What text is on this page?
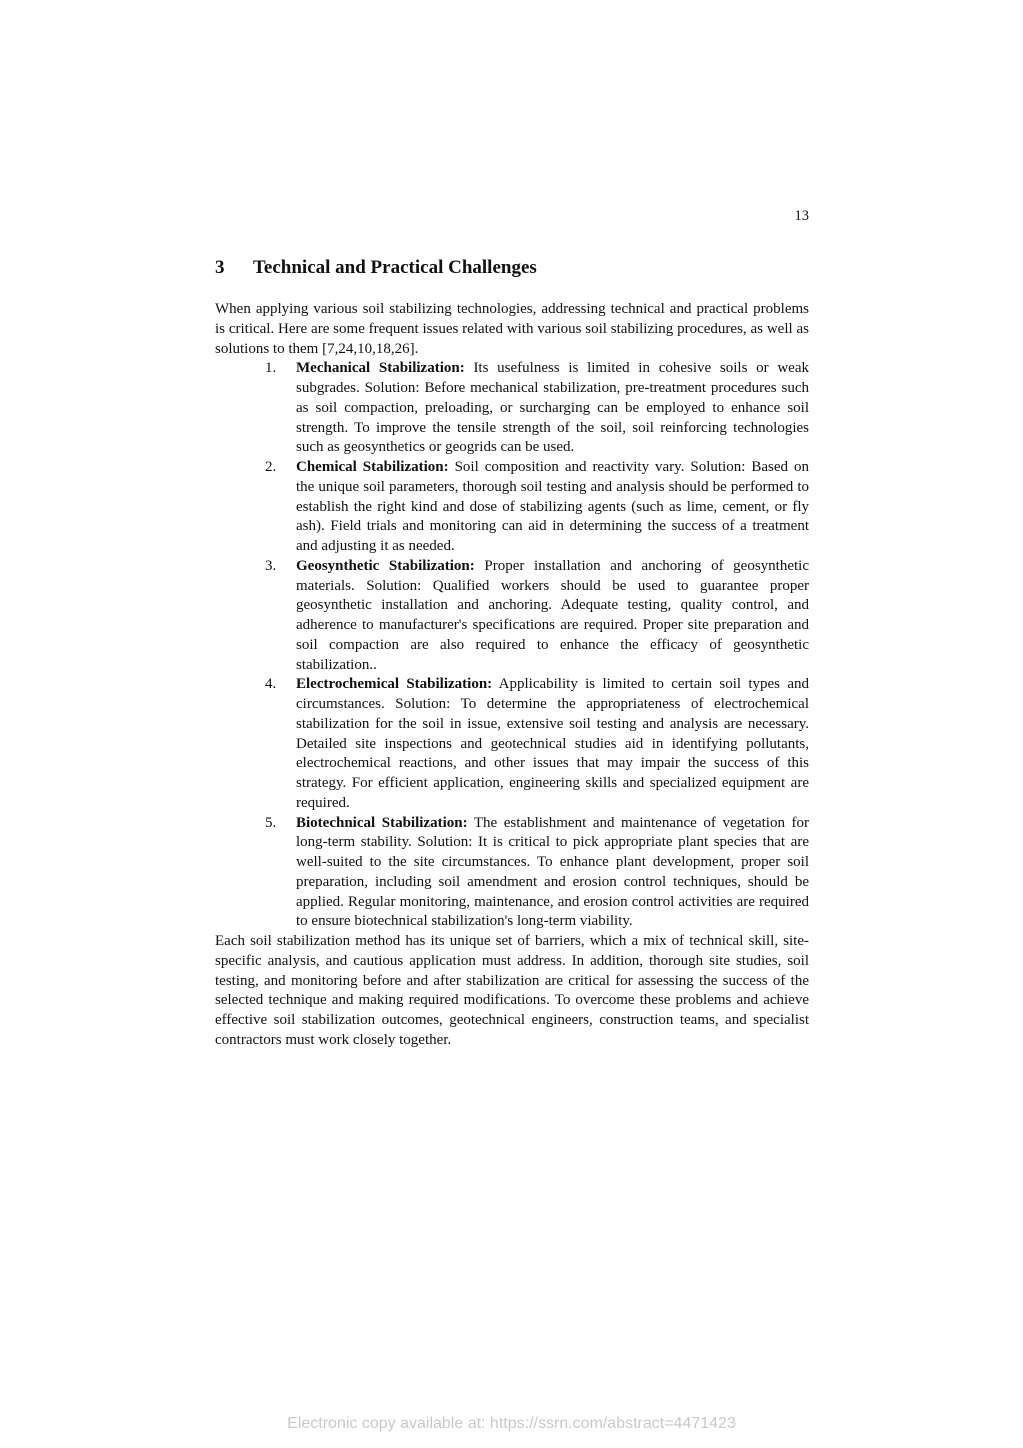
13
3 Technical and Practical Challenges

When applying various soil stabilizing technologies, addressing technical and practical problems is critical. Here are some frequent issues related with various soil stabilizing procedures, as well as solutions to them [7,24,10,18,26].

1.	Mechanical Stabilization: Its usefulness is limited in cohesive soils or weak subgrades. Solution: Before mechanical stabilization, pre-treatment procedures such as soil compaction, preloading, or surcharging can be employed to enhance soil strength. To improve the tensile strength of the soil, soil reinforcing technologies such as geosynthetics or geogrids can be used.
2.	Chemical Stabilization: Soil composition and reactivity vary. Solution: Based on the unique soil parameters, thorough soil testing and analysis should be performed to establish the right kind and dose of stabilizing agents (such as lime, cement, or fly ash). Field trials and monitoring can aid in determining the success of a treatment and adjusting it as needed.
3.	Geosynthetic Stabilization: Proper installation and anchoring of geosynthetic materials. Solution: Qualified workers should be used to guarantee proper geosynthetic installation and anchoring. Adequate testing, quality control, and adherence to manufacturer's specifications are required. Proper site preparation and soil compaction are also required to enhance the efficacy of geosynthetic stabilization..
4.	Electrochemical Stabilization: Applicability is limited to certain soil types and circumstances. Solution: To determine the appropriateness of electrochemical stabilization for the soil in issue, extensive soil testing and analysis are necessary. Detailed site inspections and geotechnical studies aid in identifying pollutants, electrochemical reactions, and other issues that may impair the success of this strategy. For efficient application, engineering skills and specialized equipment are required.
5.	Biotechnical Stabilization: The establishment and maintenance of vegetation for long-term stability. Solution: It is critical to pick appropriate plant species that are well-suited to the site circumstances. To enhance plant development, proper soil preparation, including soil amendment and erosion control techniques, should be applied. Regular monitoring, maintenance, and erosion control activities are required to ensure biotechnical stabilization's long-term viability.

Each soil stabilization method has its unique set of barriers, which a mix of technical skill, site-specific analysis, and cautious application must address. In addition, thorough site studies, soil testing, and monitoring before and after stabilization are critical for assessing the success of the selected technique and making required modifications. To overcome these problems and achieve effective soil stabilization outcomes, geotechnical engineers, construction teams, and specialist contractors must work closely together.

Electronic copy available at: https://ssrn.com/abstract=4471423
